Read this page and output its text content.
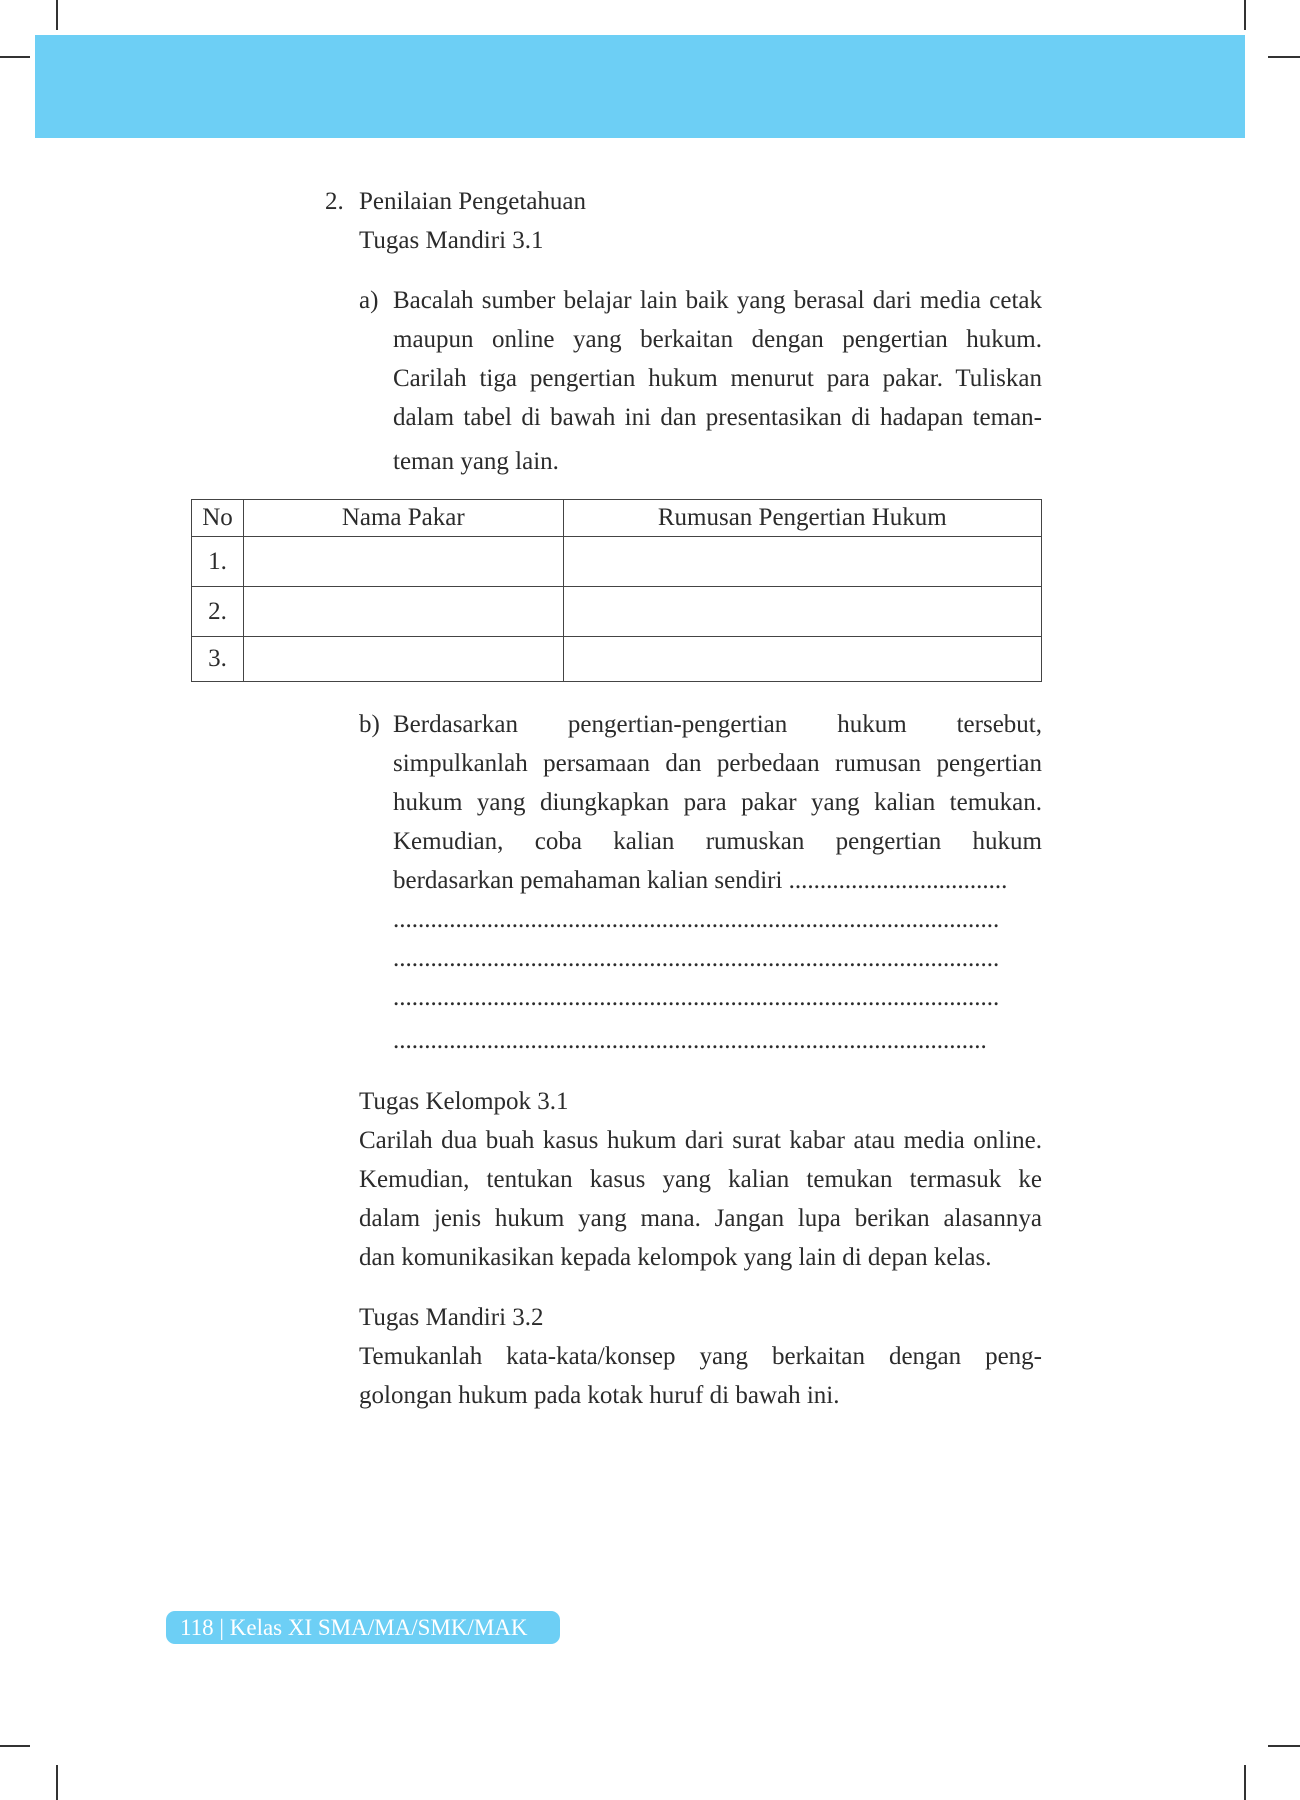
2. Penilaian Pengetahuan
Tugas Mandiri 3.1
a) Bacalah sumber belajar lain baik yang berasal dari media cetak
maupun online yang berkaitan dengan pengertian hukum.
Carilah tiga pengertian hukum menurut para pakar. Tuliskan
dalam tabel di bawah ini dan presentasikan di hadapan teman-
teman yang lain.
No	Nama Pakar	Rumusan Pengertian Hukum
1.		
2.		
3.		
b) Berdasarkan pengertian-pengertian hukum tersebut,
simpulkanlah persamaan dan perbedaan rumusan pengertian
hukum yang diungkapkan para pakar yang kalian temukan.
Kemudian, coba kalian rumuskan pengertian hukum
berdasarkan pemahaman kalian sendiri ...................................
.................................................................................................
.................................................................................................
.................................................................................................
...............................................................................................
Tugas Kelompok 3.1
Carilah dua buah kasus hukum dari surat kabar atau media online.
Kemudian, tentukan kasus yang kalian temukan termasuk ke
dalam jenis hukum yang mana. Jangan lupa berikan alasannya
dan komunikasikan kepada kelompok yang lain di depan kelas.
Tugas Mandiri 3.2
Temukanlah kata-kata/konsep yang berkaitan dengan peng-
golongan hukum pada kotak huruf di bawah ini.
118 | Kelas XI SMA/MA/SMK/MAK
